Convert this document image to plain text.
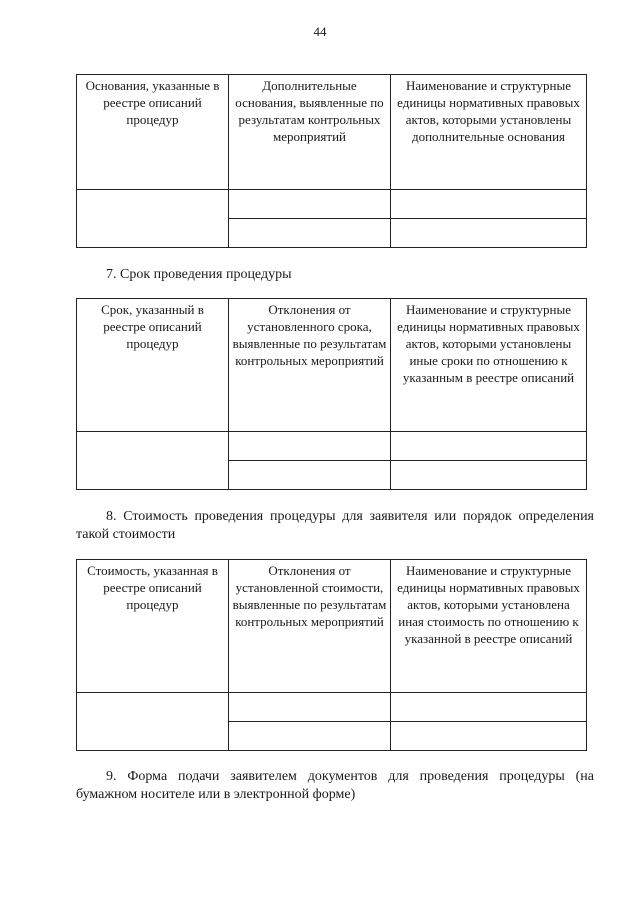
44
Основания, указанные в реестре описаний процедур	Дополнительные основания, выявленные по результатам контрольных мероприятий	Наименование и структурные единицы нормативных правовых актов, которыми установлены дополнительные основания

7. Срок проведения процедуры
Срок, указанный в реестре описаний процедур	Отклонения от установленного срока, выявленные по результатам контрольных мероприятий	Наименование и структурные единицы нормативных правовых актов, которыми установлены иные сроки по отношению к указанным в реестре описаний

8. Стоимость проведения процедуры для заявителя или порядок определения такой стоимости
Стоимость, указанная в реестре описаний процедур	Отклонения от установленной стоимости, выявленные по результатам контрольных мероприятий	Наименование и структурные единицы нормативных правовых актов, которыми установлена иная стоимость по отношению к указанной в реестре описаний

9. Форма подачи заявителем документов для проведения процедуры (на бумажном носителе или в электронной форме)
